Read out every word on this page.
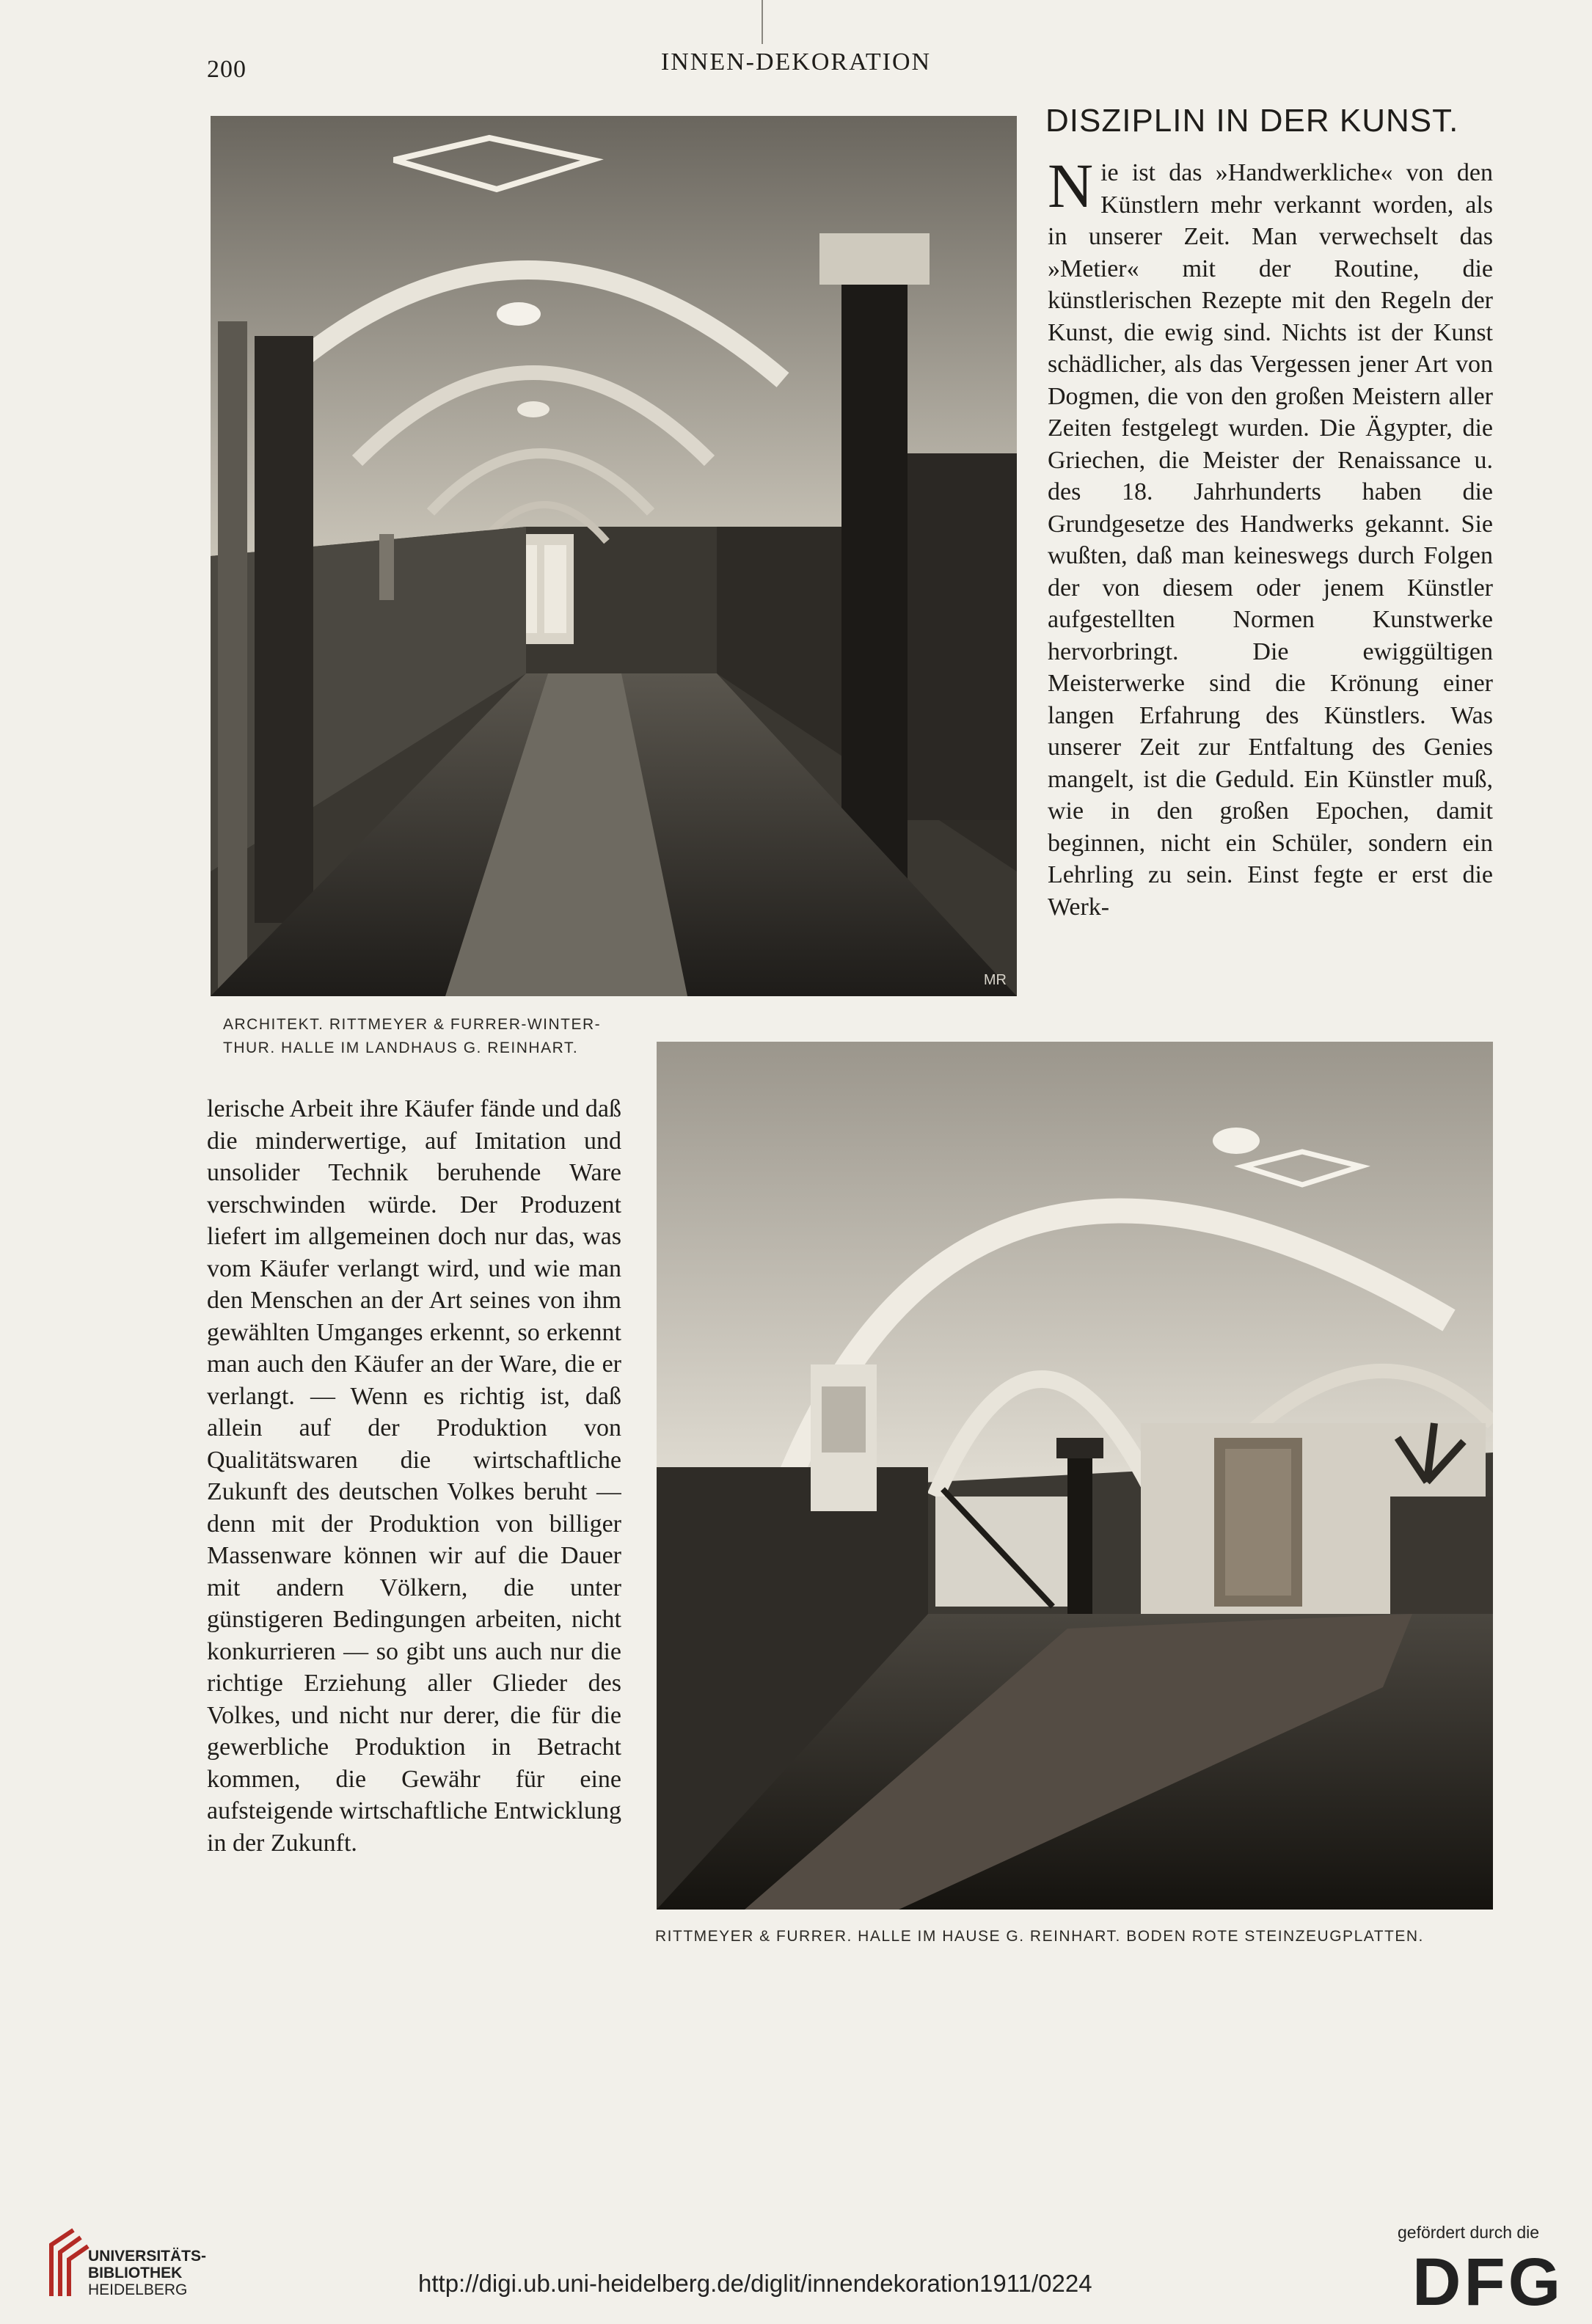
200	INNEN-DEKORATION
MR
ARCHITEKT. RITTMEYER & FURRER-WINTER-
THUR. HALLE IM LANDHAUS G. REINHART.
DISZIPLIN IN DER KUNST.
N ie ist das »Handwerkliche« von den Künstlern mehr verkannt worden, als in unserer Zeit. Man verwechselt das »Metier« mit der Routine, die künstlerischen Rezepte mit den Regeln der Kunst, die ewig sind. Nichts ist der Kunst schädlicher, als das Vergessen jener Art von Dogmen, die von den großen Meistern aller Zeiten festgelegt wurden. Die Ägypter, die Griechen, die Meister der Renaissance u. des 18. Jahrhunderts haben die Grundgesetze des Handwerks gekannt. Sie wußten, daß man keineswegs durch Folgen der von diesem oder jenem Künstler aufgestellten Normen Kunstwerke hervorbringt. Die ewiggültigen Meisterwerke sind die Krönung einer langen Erfahrung des Künstlers. Was unserer Zeit zur Entfaltung des Genies mangelt, ist die Geduld. Ein Künstler muß, wie in den großen Epochen, damit beginnen, nicht ein Schüler, sondern ein Lehrling zu sein. Einst fegte er erst die Werk-
RITTMEYER & FURRER. HALLE IM HAUSE G. REINHART. BODEN ROTE STEINZEUGPLATTEN.
lerische Arbeit ihre Käufer fände und daß die minderwertige, auf Imitation und unsolider Technik beruhende Ware verschwinden würde. Der Produzent liefert im allgemeinen doch nur das, was vom Käufer verlangt wird, und wie man den Menschen an der Art seines von ihm gewählten Umganges erkennt, so erkennt man auch den Käufer an der Ware, die er verlangt. — Wenn es richtig ist, daß allein auf der Produktion von Qualitätswaren die wirtschaftliche Zukunft des deutschen Volkes beruht — denn mit der Produktion von billiger Massenware können wir auf die Dauer mit andern Völkern, die unter günstigeren Bedingungen arbeiten, nicht konkurrieren — so gibt uns auch nur die richtige Erziehung aller Glieder des Volkes, und nicht nur derer, die für die gewerbliche Produktion in Betracht kommen, die Gewähr für eine aufsteigende wirtschaftliche Entwicklung in der Zukunft.
UNIVERSITÄTS-
BIBLIOTHEK
HEIDELBERG	http://digi.ub.uni-heidelberg.de/diglit/innendekoration1911/0224
gefördert durch die
DFG
